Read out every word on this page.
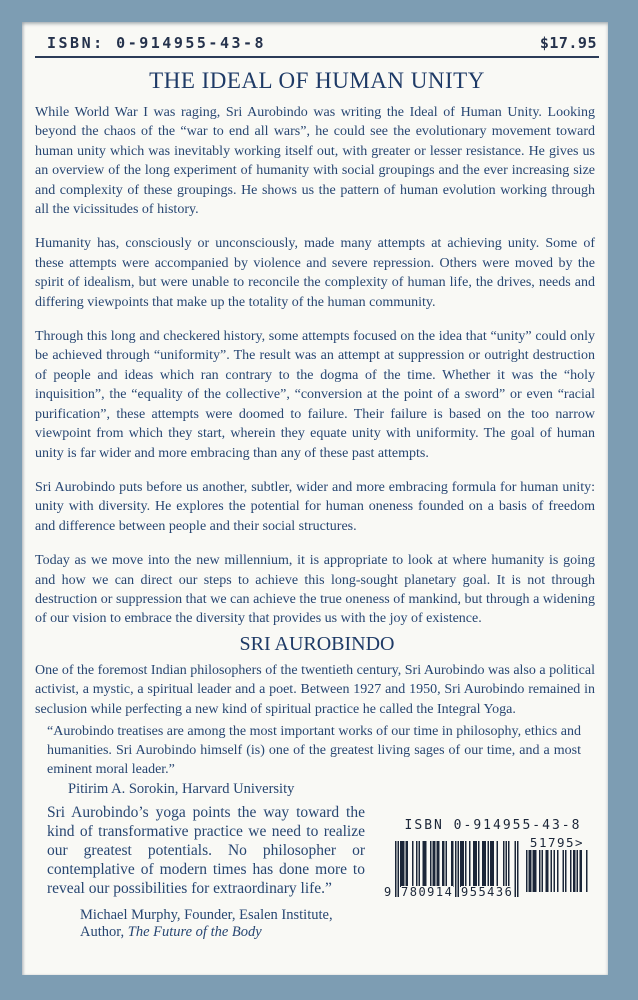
ISBN: 0-914955-43-8	$17.95
THE IDEAL OF HUMAN UNITY

While World War I was raging, Sri Aurobindo was writing the Ideal of Human Unity. Looking beyond the chaos of the “war to end all wars”, he could see the evolutionary movement toward human unity which was inevitably working itself out, with greater or lesser resistance. He gives us an overview of the long experiment of humanity with social groupings and the ever increasing size and complexity of these groupings. He shows us the pattern of human evolution working through all the vicissitudes of history.

Humanity has, consciously or unconsciously, made many attempts at achieving unity. Some of these attempts were accompanied by violence and severe repression. Others were moved by the spirit of idealism, but were unable to reconcile the complexity of human life, the drives, needs and differing viewpoints that make up the totality of the human community.

Through this long and checkered history, some attempts focused on the idea that “unity” could only be achieved through “uniformity”. The result was an attempt at suppression or outright destruction of people and ideas which ran contrary to the dogma of the time. Whether it was the “holy inquisition”, the “equality of the collective”, “conversion at the point of a sword” or even “racial purification”, these attempts were doomed to failure. Their failure is based on the too narrow viewpoint from which they start, wherein they equate unity with uniformity. The goal of human unity is far wider and more embracing than any of these past attempts.

Sri Aurobindo puts before us another, subtler, wider and more embracing formula for human unity: unity with diversity. He explores the potential for human oneness founded on a basis of freedom and difference between people and their social structures.

Today as we move into the new millennium, it is appropriate to look at where humanity is going and how we can direct our steps to achieve this long-sought planetary goal. It is not through destruction or suppression that we can achieve the true oneness of mankind, but through a widening of our vision to embrace the diversity that provides us with the joy of existence.

SRI AUROBINDO

One of the foremost Indian philosophers of the twentieth century, Sri Aurobindo was also a political activist, a mystic, a spiritual leader and a poet. Between 1927 and 1950, Sri Aurobindo remained in seclusion while perfecting a new kind of spiritual practice he called the Integral Yoga.

“Aurobindo treatises are among the most important works of our time in philosophy, ethics and humanities. Sri Aurobindo himself (is) one of the greatest living sages of our time, and a most eminent moral leader.”
Pitirim A. Sorokin, Harvard University

Sri Aurobindo’s yoga points the way toward the kind of transformative practice we need to realize our greatest potentials. No philosopher or contemplative of modern times has done more to reveal our possibilities for extraordinary life.”

Michael Murphy, Founder, Esalen Institute,
Author, The Future of the Body
ISBN 0-914955-43-8
9 780914 955436
51795>
